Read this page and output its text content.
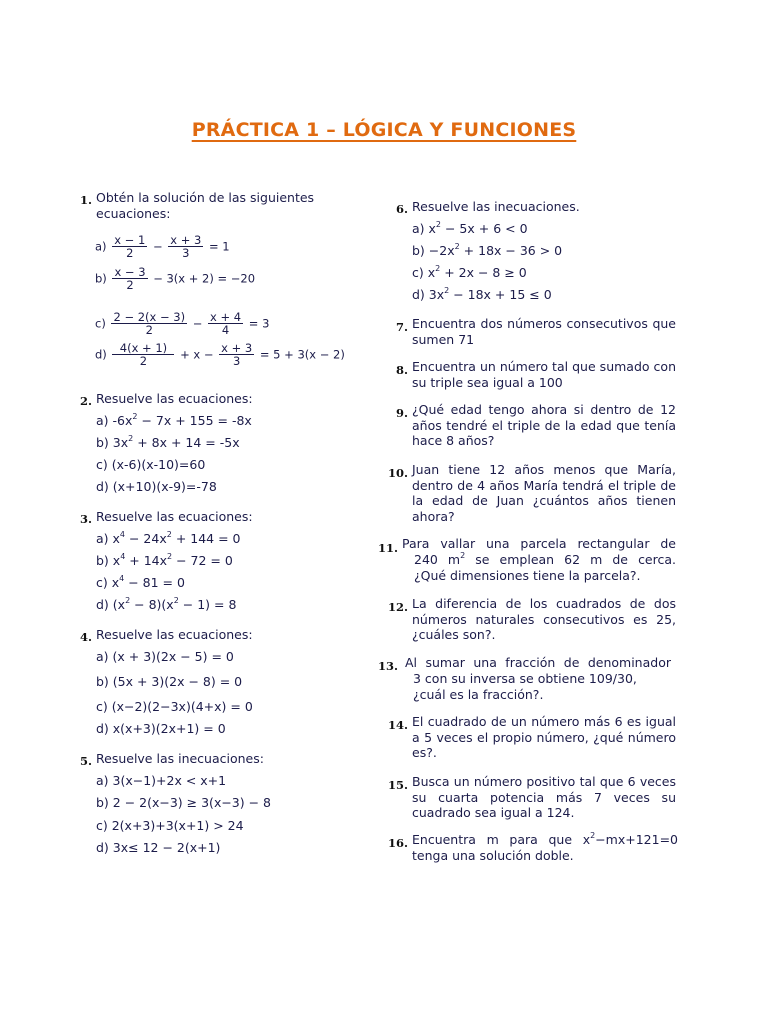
PRÁCTICA 1 – LÓGICA Y FUNCIONES
1. Obtén la solución de las siguientes
ecuaciones:
$a) \frac{x - 1}{2} - \frac{x + 3}{3} = 1$
$b) \frac{x - 3}{2} - 3(x + 2) = -20$
$c) \frac{2 - 2(x - 3)}{2} - \frac{x + 4}{4} = 3$
$d) \frac{4(x + 1)}{2} + x - \frac{x + 3}{3} = 5 + 3(x - 2)$
2. Resuelve las ecuaciones:
a) $-6x^2 - 7x + 155 = -8x$
b) $3x^2 + 8x + 14 = -5x$
c) (x-6)(x-10)=60
d) (x+10)(x-9)=-78
3. Resuelve las ecuaciones:
a) $x^4 - 24x^2 + 144 = 0$
b) $x^4 + 14x^2 - 72 = 0$
c) $x^4 - 81 = 0$
d) $(x^2 - 8)(x^2 - 1) = 8$
4. Resuelve las ecuaciones:
a) (x + 3)(2x − 5) = 0
b) (5x + 3)(2x − 8) = 0
c) (x−2)(2−3x)(4+x) = 0
d) x(x+3)(2x+1) = 0
5. Resuelve las inecuaciones:
a) 3(x−1)+2x < x+1
b) 2 − 2(x−3) ≥ 3(x−3) − 8
c) 2(x+3)+3(x+1) > 24
d) 3x≤ 12 − 2(x+1)
6. Resuelve las inecuaciones.
a) $x^2 - 5x + 6 < 0$
$b) -2x^2 + 18x - 36 > 0$
c) $x^2 + 2x - 8 \ge 0$
d) $3x^2 - 18x + 15 \le 0$
7. Encuentra dos números consecutivos que sumen 71
8. Encuentra un número tal que sumado con su triple sea igual a 100
9. ¿Qué edad tengo ahora si dentro de 12 años tendré el triple de la edad que tenía hace 8 años?
10. Juan tiene 12 años menos que María, dentro de 4 años María tendrá el triple de la edad de Juan ¿cuántos años tienen ahora?
11. Para vallar una parcela rectangular de
240 $m^2$ se emplean 62 m de cerca.
¿Qué dimensiones tiene la parcela?.
12. La diferencia de los cuadrados de dos números naturales consecutivos es 25, ¿cuáles son?.
13. Al sumar una fracción de denominador
3 con su inversa se obtiene 109/30,
¿cuál es la fracción?.
14. El cuadrado de un número más 6 es igual a 5 veces el propio número, ¿qué número es?.
15. Busca un número positivo tal que 6 veces su cuarta potencia más 7 veces su cuadrado sea igual a 124.
16. Encuentra m para que $x^2-mx+121=0$
tenga una solución doble.
